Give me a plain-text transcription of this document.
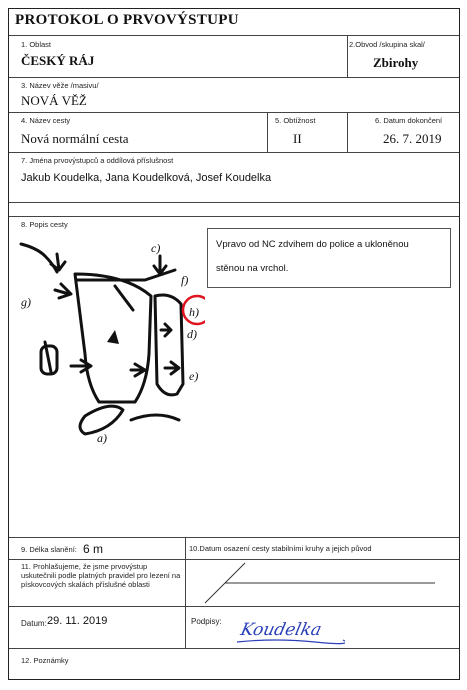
PROTOKOL O PRVOVÝSTUPU
1. Oblast
ČESKÝ RÁJ
2.Obvod /skupina skal/
Zbirohy
3. Název věže /masivu/
NOVÁ VĚŽ
4. Název cesty
Nová normální cesta
5. Obtížnost
II
6. Datum dokončení
26. 7. 2019
7. Jména prvovýstupců a oddílová příslušnost
Jakub Koudelka, Jana Koudelková, Josef Koudelka
8. Popis cesty
c)
f)
h)
d)
e)
g)
a)
Vpravo od NC zdvihem do police a ukloněnou
stěnou na vrchol.
9. Délka slanění: 6 m	10.Datum osazení cesty stabilními kruhy a jejich původ
11. Prohlašujeme, že jsme prvovýstup uskutečnili podle platných pravidel pro lezení na pískovcových skalách příslušné oblasti
Datum: 29. 11. 2019	Podpisy: Koudelka
12. Poznámky
